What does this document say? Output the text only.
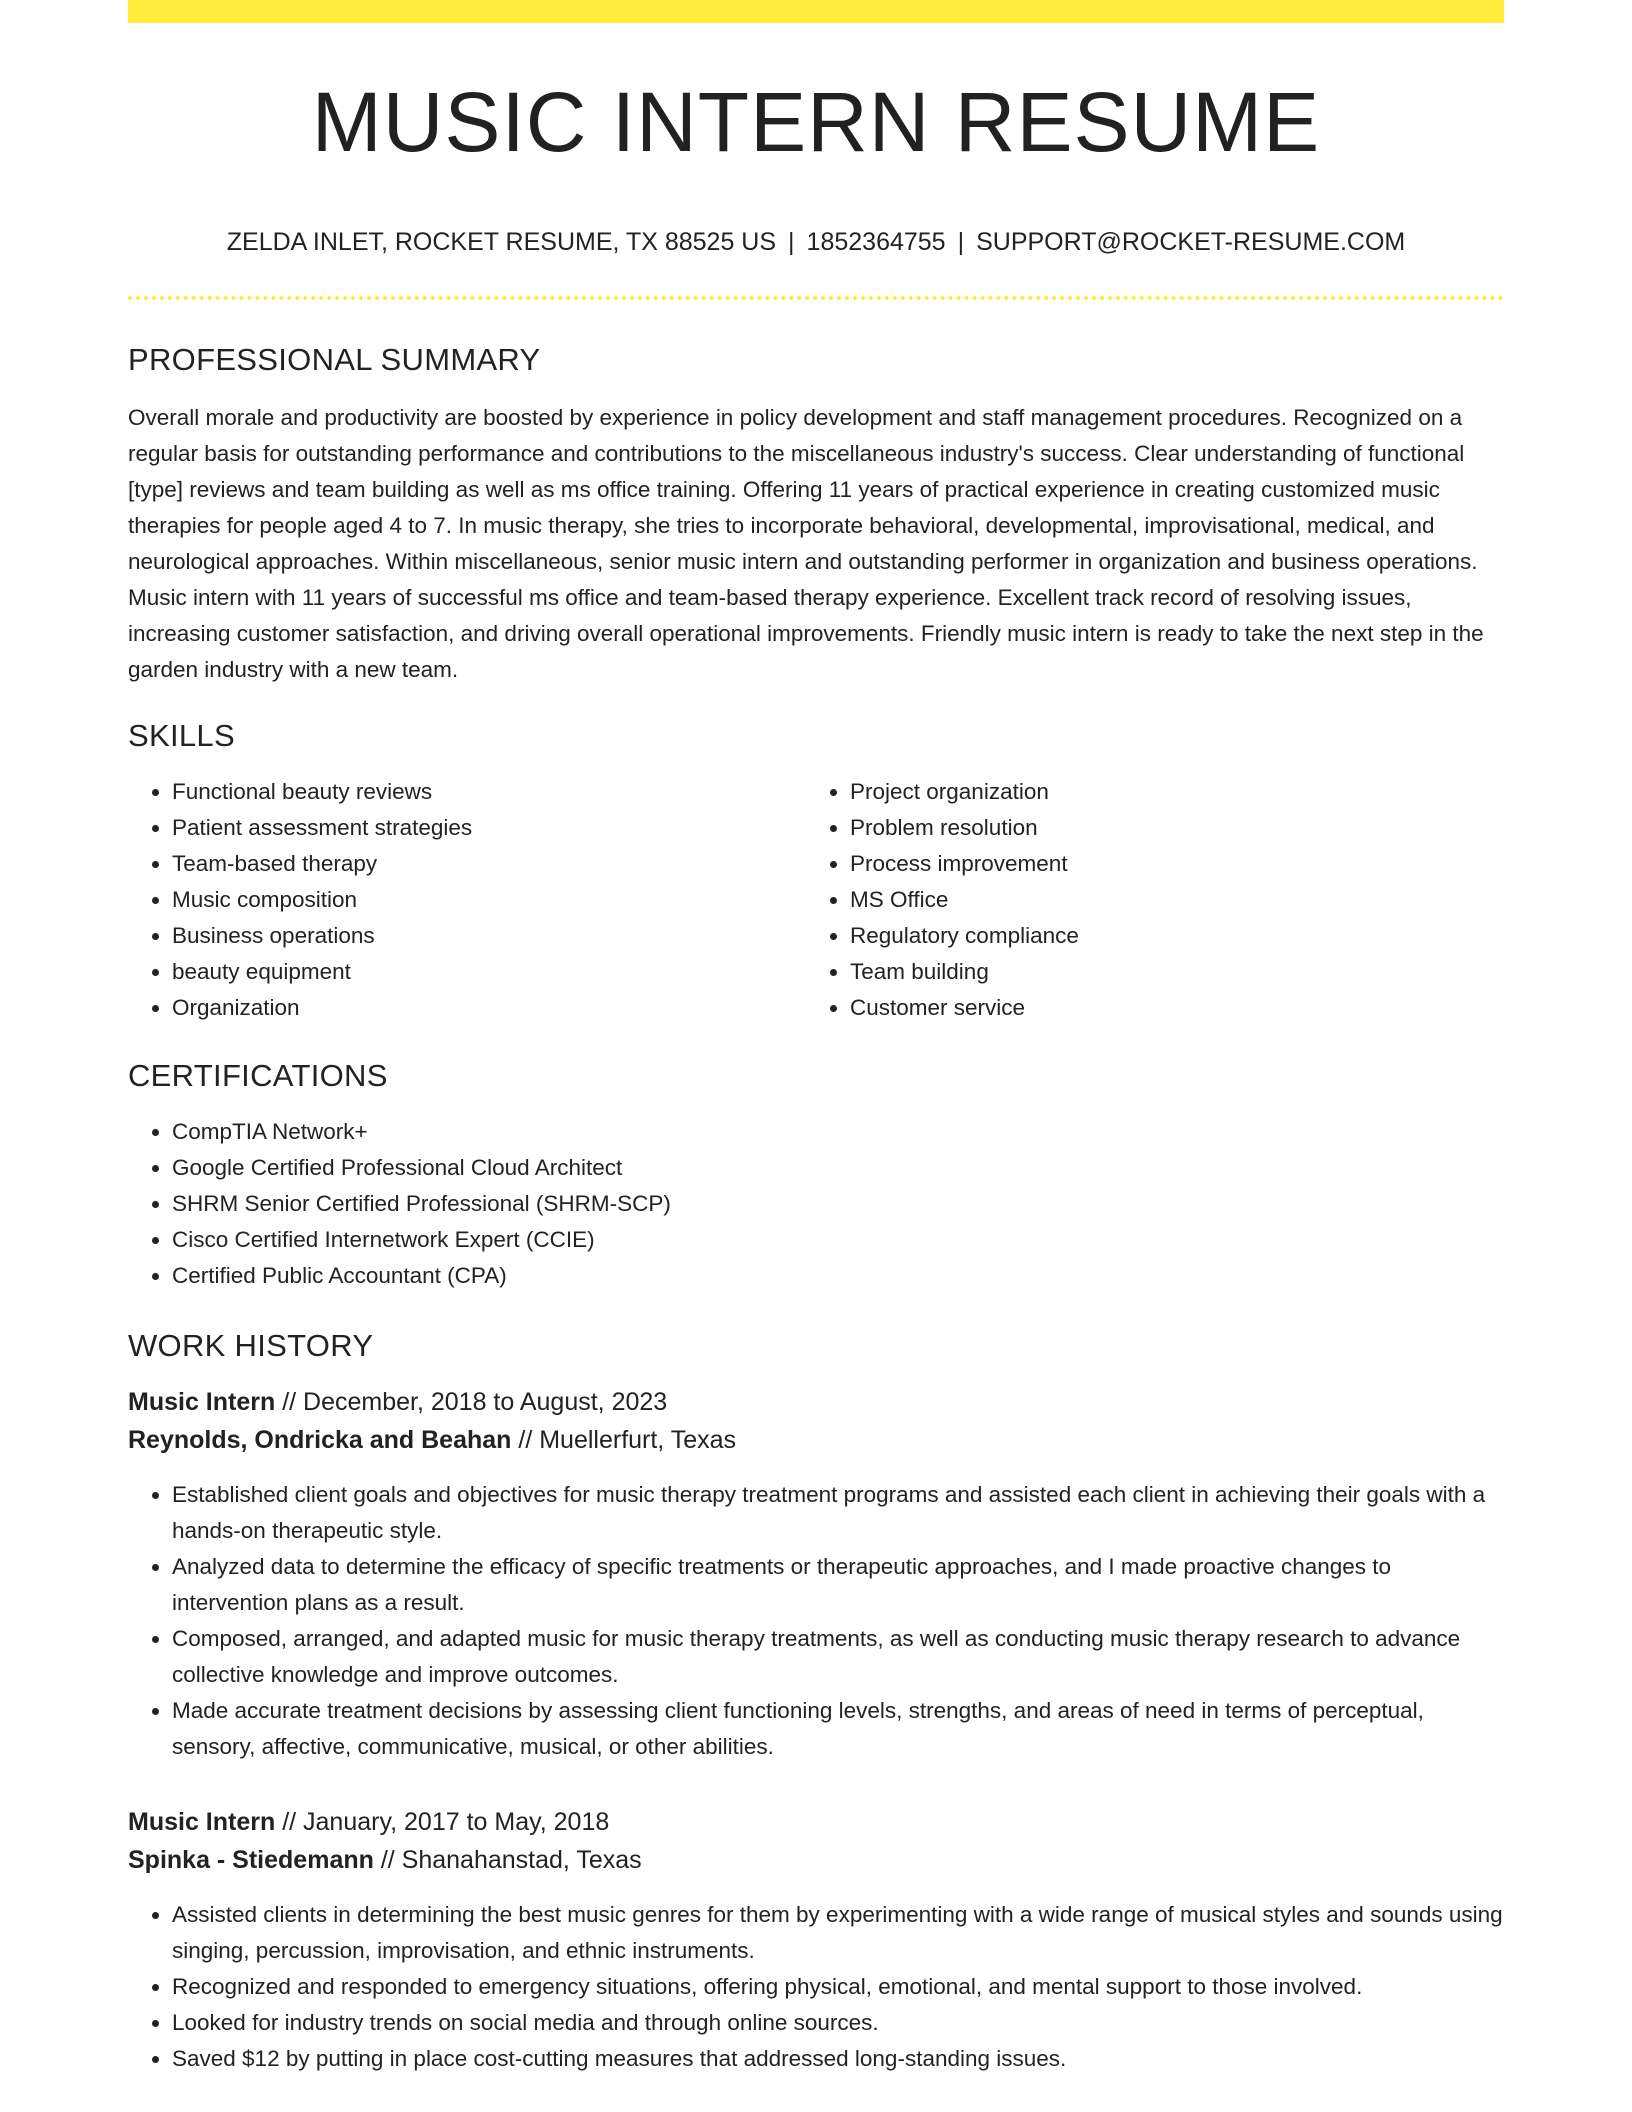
MUSIC INTERN RESUME
ZELDA INLET, ROCKET RESUME, TX 88525 US | 1852364755 | SUPPORT@ROCKET-RESUME.COM
PROFESSIONAL SUMMARY

Overall morale and productivity are boosted by experience in policy development and staff management procedures. Recognized on a regular basis for outstanding performance and contributions to the miscellaneous industry's success. Clear understanding of functional [type] reviews and team building as well as ms office training. Offering 11 years of practical experience in creating customized music therapies for people aged 4 to 7. In music therapy, she tries to incorporate behavioral, developmental, improvisational, medical, and neurological approaches. Within miscellaneous, senior music intern and outstanding performer in organization and business operations. Music intern with 11 years of successful ms office and team-based therapy experience. Excellent track record of resolving issues, increasing customer satisfaction, and driving overall operational improvements. Friendly music intern is ready to take the next step in the garden industry with a new team.

SKILLS
• Functional beauty reviews
• Patient assessment strategies
• Team-based therapy
• Music composition
• Business operations
• beauty equipment
• Organization
• Project organization
• Problem resolution
• Process improvement
• MS Office
• Regulatory compliance
• Team building
• Customer service
CERTIFICATIONS
• CompTIA Network+
• Google Certified Professional Cloud Architect
• SHRM Senior Certified Professional (SHRM-SCP)
• Cisco Certified Internetwork Expert (CCIE)
• Certified Public Accountant (CPA)
WORK HISTORY
Music Intern // December, 2018 to August, 2023
Reynolds, Ondricka and Beahan // Muellerfurt, Texas
• Established client goals and objectives for music therapy treatment programs and assisted each client in achieving their goals with a hands-on therapeutic style.
• Analyzed data to determine the efficacy of specific treatments or therapeutic approaches, and I made proactive changes to intervention plans as a result.
• Composed, arranged, and adapted music for music therapy treatments, as well as conducting music therapy research to advance collective knowledge and improve outcomes.
• Made accurate treatment decisions by assessing client functioning levels, strengths, and areas of need in terms of perceptual, sensory, affective, communicative, musical, or other abilities.
Music Intern // January, 2017 to May, 2018
Spinka - Stiedemann // Shanahanstad, Texas
• Assisted clients in determining the best music genres for them by experimenting with a wide range of musical styles and sounds using singing, percussion, improvisation, and ethnic instruments.
• Recognized and responded to emergency situations, offering physical, emotional, and mental support to those involved.
• Looked for industry trends on social media and through online sources.
• Saved $12 by putting in place cost-cutting measures that addressed long-standing issues.
